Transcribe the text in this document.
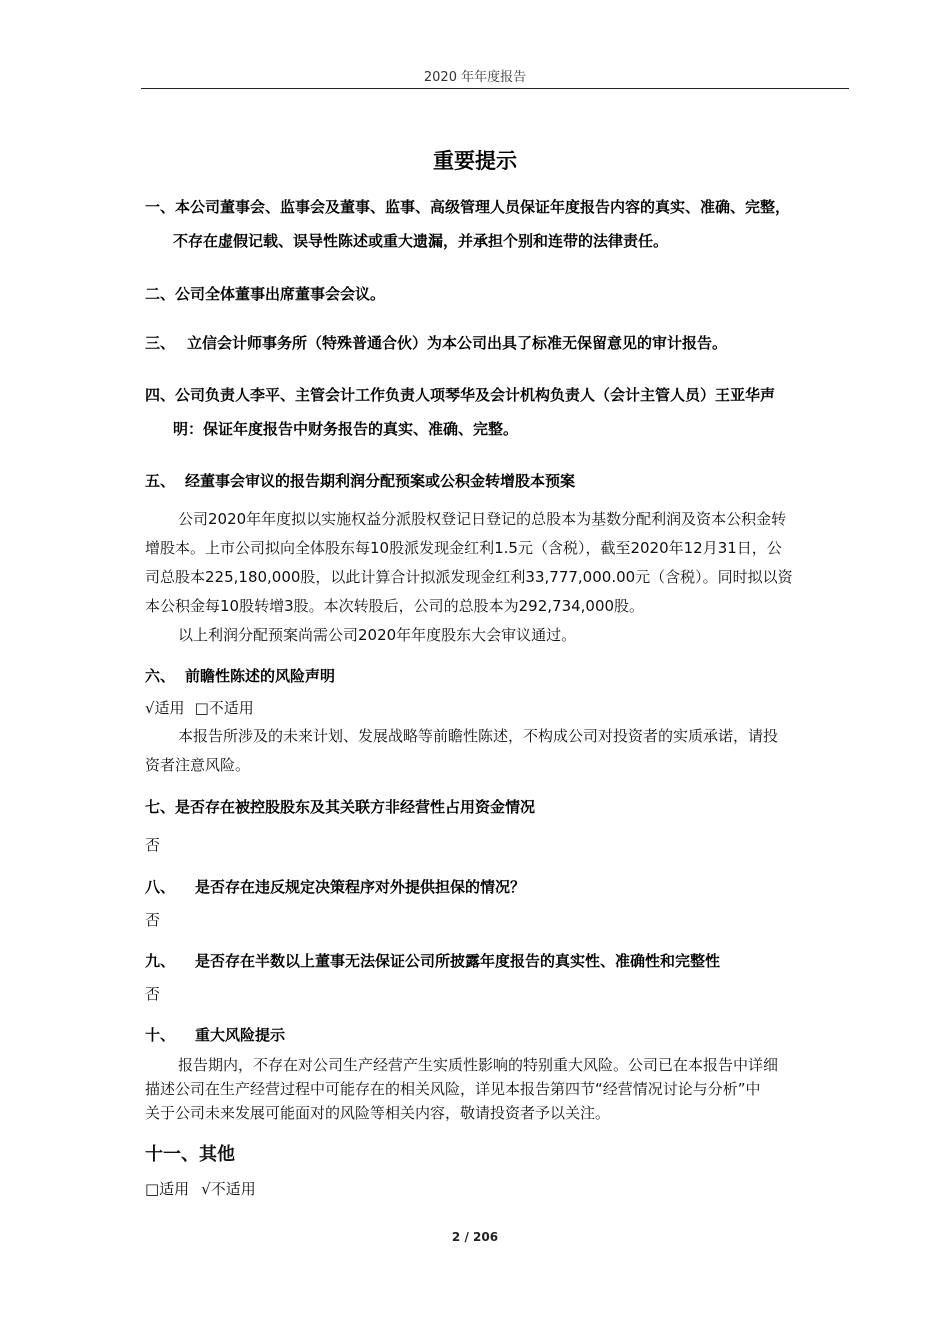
2020 年年度报告
重要提示
一、本公司董事会、监事会及董事、监事、高级管理人员保证年度报告内容的真实、准确、完整，
不存在虚假记载、误导性陈述或重大遗漏，并承担个别和连带的法律责任。
二、公司全体董事出席董事会会议。
三、 立信会计师事务所（特殊普通合伙）为本公司出具了标准无保留意见的审计报告。
四、公司负责人李平、主管会计工作负责人项琴华及会计机构负责人（会计主管人员）王亚华声
明：保证年度报告中财务报告的真实、准确、完整。
五、 经董事会审议的报告期利润分配预案或公积金转增股本预案
公司2020年年度拟以实施权益分派股权登记日登记的总股本为基数分配利润及资本公积金转
增股本。上市公司拟向全体股东每10股派发现金红利1.5元（含税），截至2020年12月31日，公
司总股本225,180,000股，以此计算合计拟派发现金红利33,777,000.00元（含税）。同时拟以资
本公积金每10股转增3股。本次转股后，公司的总股本为292,734,000股。
以上利润分配预案尚需公司2020年年度股东大会审议通过。
六、 前瞻性陈述的风险声明
√适用 □不适用
本报告所涉及的未来计划、发展战略等前瞻性陈述，不构成公司对投资者的实质承诺，请投
资者注意风险。
七、是否存在被控股股东及其关联方非经营性占用资金情况
否
八、 是否存在违反规定决策程序对外提供担保的情况？
否
九、 是否存在半数以上董事无法保证公司所披露年度报告的真实性、准确性和完整性
否
十、 重大风险提示
报告期内，不存在对公司生产经营产生实质性影响的特别重大风险。公司已在本报告中详细
描述公司在生产经营过程中可能存在的相关风险，详见本报告第四节“经营情况讨论与分析”中
关于公司未来发展可能面对的风险等相关内容，敬请投资者予以关注。
十一、其他
□适用 √不适用
2 / 206
